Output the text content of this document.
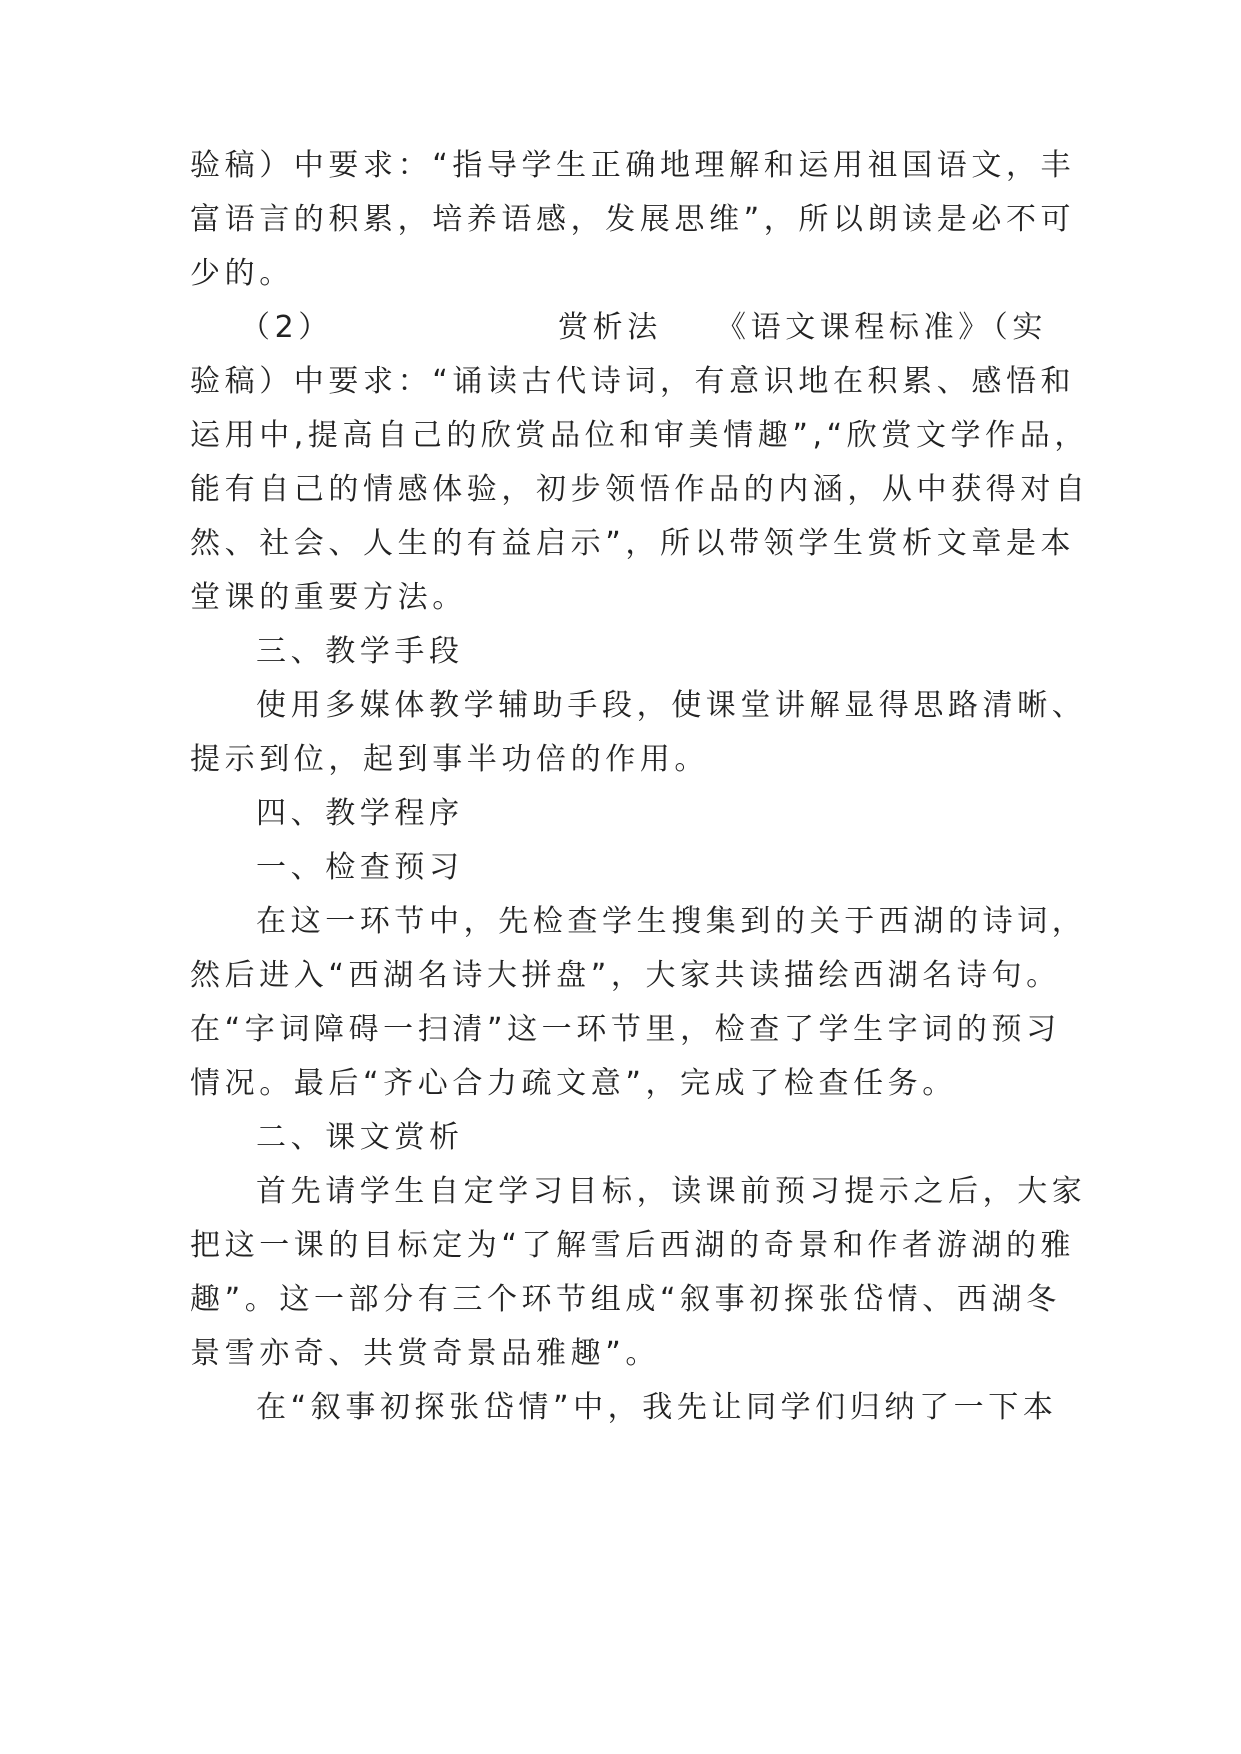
验稿）中要求：“指导学生正确地理解和运用祖国语文，丰
富语言的积累，培养语感，发展思维”，所以朗读是必不可
少的。
（2）	赏析法 《语文课程标准》（实
验稿）中要求：“诵读古代诗词，有意识地在积累、感悟和
运用中,提高自己的欣赏品位和审美情趣”,“欣赏文学作品，
能有自己的情感体验，初步领悟作品的内涵，从中获得对自
然、社会、人生的有益启示”，所以带领学生赏析文章是本
堂课的重要方法。
三、教学手段
使用多媒体教学辅助手段，使课堂讲解显得思路清晰、
提示到位，起到事半功倍的作用。
四、教学程序
一、检查预习
在这一环节中，先检查学生搜集到的关于西湖的诗词，
然后进入“西湖名诗大拼盘”，大家共读描绘西湖名诗句。
在“字词障碍一扫清”这一环节里，检查了学生字词的预习
情况。最后“齐心合力疏文意”，完成了检查任务。
二、课文赏析
首先请学生自定学习目标，读课前预习提示之后，大家
把这一课的目标定为“了解雪后西湖的奇景和作者游湖的雅
趣”。这一部分有三个环节组成“叙事初探张岱情、西湖冬
景雪亦奇、共赏奇景品雅趣”。
在“叙事初探张岱情”中，我先让同学们归纳了一下本
